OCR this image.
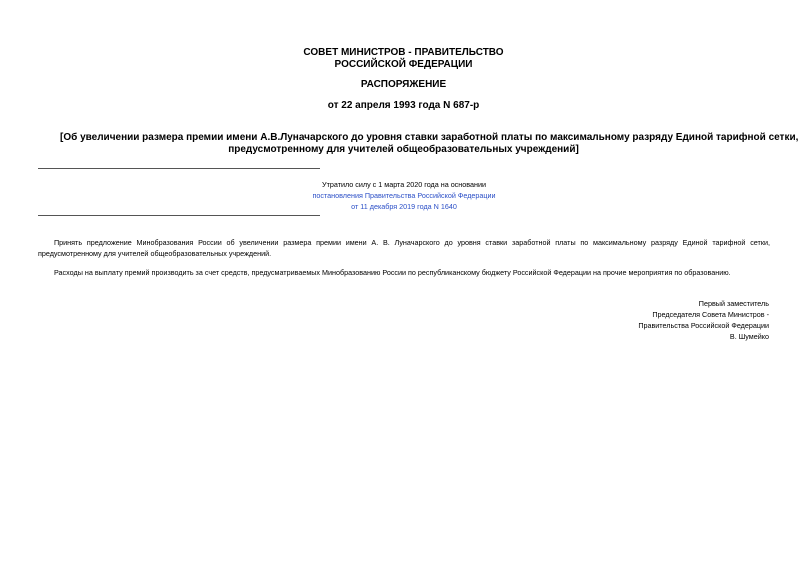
СОВЕТ МИНИСТРОВ - ПРАВИТЕЛЬСТВО
РОССИЙСКОЙ ФЕДЕРАЦИИ
РАСПОРЯЖЕНИЕ
от 22 апреля 1993 года N 687-р
[Об увеличении размера премии имени А.В.Луначарского до уровня ставки заработной платы по максимальному разряду Единой тарифной сетки,
предусмотренному для учителей общеобразовательных учреждений]
Утратило силу с 1 марта 2020 года на основании
постановления Правительства Российской Федерации
от 11 декабря 2019 года N 1640
Принять предложение Минобразования России об увеличении размера премии имени А. В. Луначарского до уровня ставки заработной платы по максимальному разряду Единой тарифной сетки, предусмотренному для учителей общеобразовательных учреждений.
Расходы на выплату премий производить за счет средств, предусматриваемых Минобразованию России по республиканскому бюджету Российской Федерации на прочие мероприятия по образованию.
Первый заместитель
Председателя Совета Министров -
Правительства Российской Федерации
В. Шумейко
